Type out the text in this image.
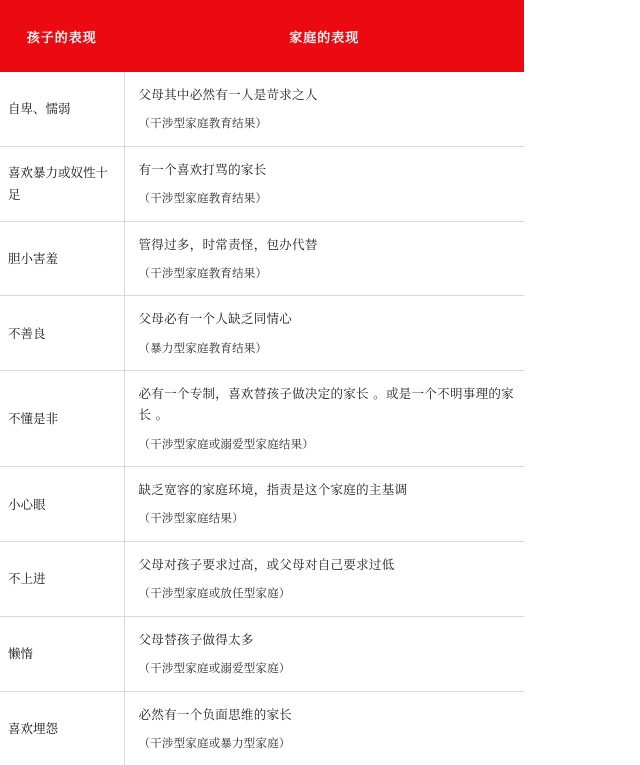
孩子的表现	家庭的表现
自卑、懦弱	父母其中必然有一人是苛求之人
（干涉型家庭教育结果）

喜欢暴力或奴性十足	有一个喜欢打骂的家长
（干涉型家庭教育结果）

胆小害羞	管得过多，时常责怪，包办代替
（干涉型家庭教育结果）

不善良	父母必有一个人缺乏同情心
（暴力型家庭教育结果）

不懂是非	必有一个专制，喜欢替孩子做决定的家长 。或是一个不明事理的家长 。
（干涉型家庭或溺爱型家庭结果）

小心眼	缺乏宽容的家庭环境，指责是这个家庭的主基调
（干涉型家庭结果）

不上进	父母对孩子要求过高，或父母对自己要求过低
（干涉型家庭或放任型家庭）

懒惰	父母替孩子做得太多
（干涉型家庭或溺爱型家庭）

喜欢埋怨	必然有一个负面思维的家长
（干涉型家庭或暴力型家庭）
